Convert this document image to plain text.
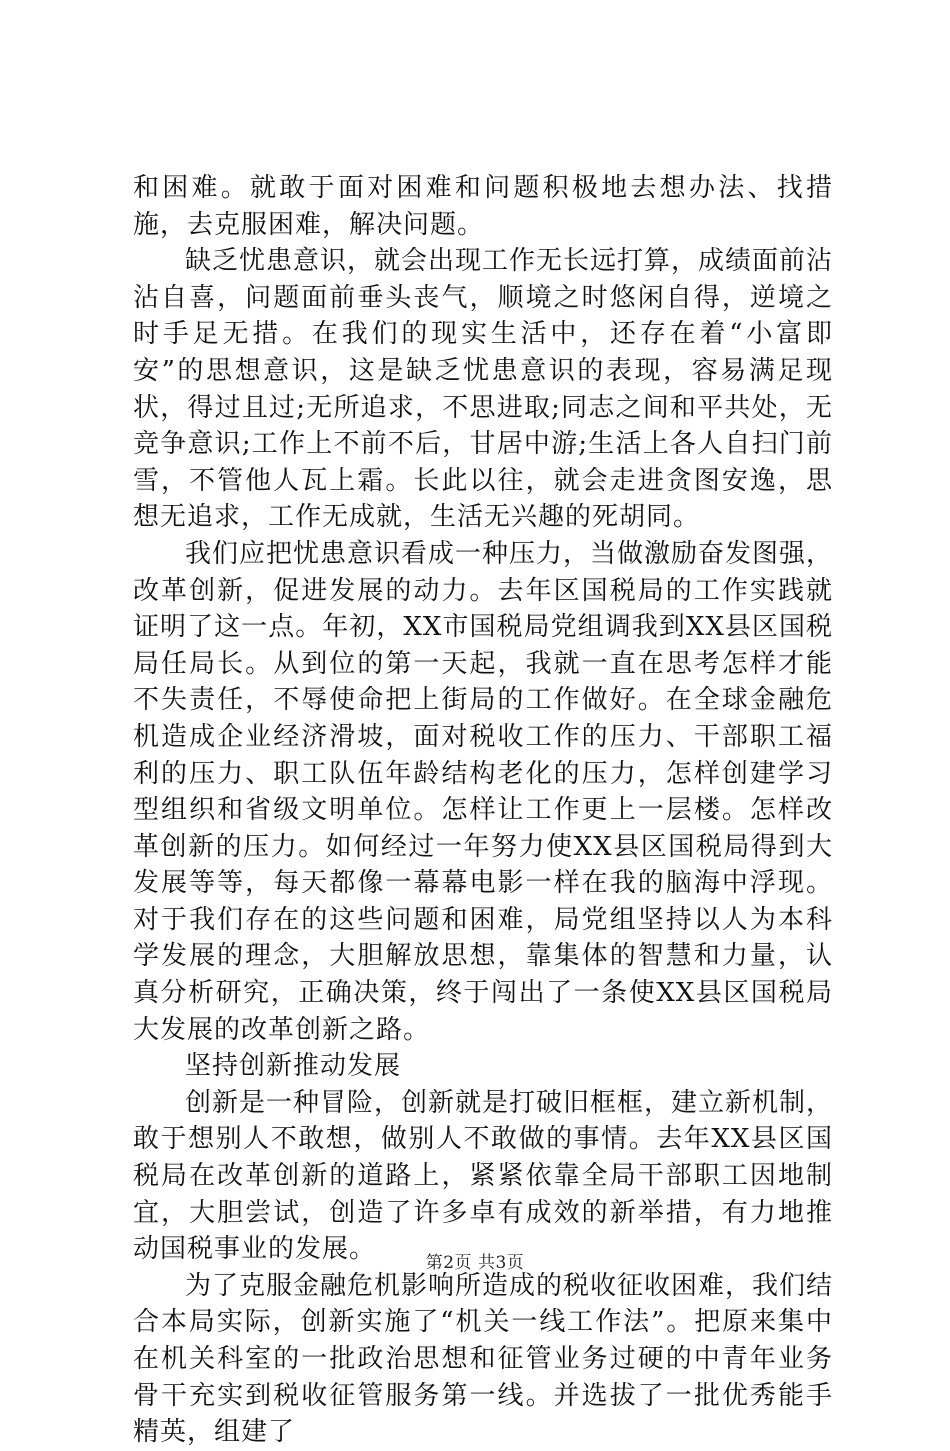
和困难。就敢于面对困难和问题积极地去想办法、找措施，去克服困难，解决问题。

缺乏忧患意识，就会出现工作无长远打算，成绩面前沾沾自喜，问题面前垂头丧气，顺境之时悠闲自得，逆境之时手足无措。在我们的现实生活中，还存在着“小富即安”的思想意识，这是缺乏忧患意识的表现，容易满足现状，得过且过;无所追求，不思进取;同志之间和平共处，无竞争意识;工作上不前不后，甘居中游;生活上各人自扫门前雪，不管他人瓦上霜。长此以往，就会走进贪图安逸，思想无追求，工作无成就，生活无兴趣的死胡同。

我们应把忧患意识看成一种压力，当做激励奋发图强，改革创新，促进发展的动力。去年区国税局的工作实践就证明了这一点。年初，XX市国税局党组调我到XX县区国税局任局长。从到位的第一天起，我就一直在思考怎样才能不失责任，不辱使命把上街局的工作做好。在全球金融危机造成企业经济滑坡，面对税收工作的压力、干部职工福利的压力、职工队伍年龄结构老化的压力，怎样创建学习型组织和省级文明单位。怎样让工作更上一层楼。怎样改革创新的压力。如何经过一年努力使XX县区国税局得到大发展等等，每天都像一幕幕电影一样在我的脑海中浮现。对于我们存在的这些问题和困难，局党组坚持以人为本科学发展的理念，大胆解放思想，靠集体的智慧和力量，认真分析研究，正确决策，终于闯出了一条使XX县区国税局大发展的改革创新之路。

坚持创新推动发展

创新是一种冒险，创新就是打破旧框框，建立新机制，敢于想别人不敢想，做别人不敢做的事情。去年XX县区国税局在改革创新的道路上，紧紧依靠全局干部职工因地制宜，大胆尝试，创造了许多卓有成效的新举措，有力地推动国税事业的发展。

为了克服金融危机影响所造成的税收征收困难，我们结合本局实际，创新实施了“机关一线工作法”。把原来集中在机关科室的一批政治思想和征管业务过硬的中青年业务骨干充实到税收征管服务第一线。并选拔了一批优秀能手精英，组建了

第2页 共3页
